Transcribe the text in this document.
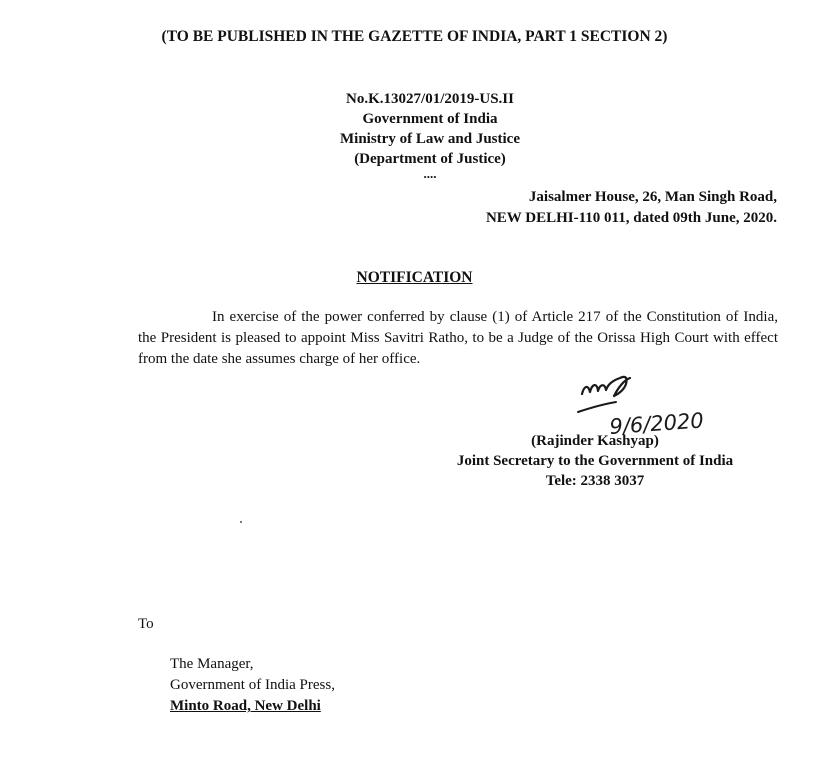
(TO BE PUBLISHED IN THE GAZETTE OF INDIA, PART 1 SECTION 2)
No.K.13027/01/2019-US.II
Government of India
Ministry of Law and Justice
(Department of Justice)
....
Jaisalmer House, 26, Man Singh Road,
NEW DELHI-110 011, dated 09th June, 2020.
NOTIFICATION
In exercise of the power conferred by clause (1) of Article 217 of the Constitution of India, the President is pleased to appoint Miss Savitri Ratho, to be a Judge of the Orissa High Court with effect from the date she assumes charge of her office.
9/6/2020
(Rajinder Kashyap)
Joint Secretary to the Government of India
Tele: 2338 3037
To
The Manager,
Government of India Press,
Minto Road, New Delhi
